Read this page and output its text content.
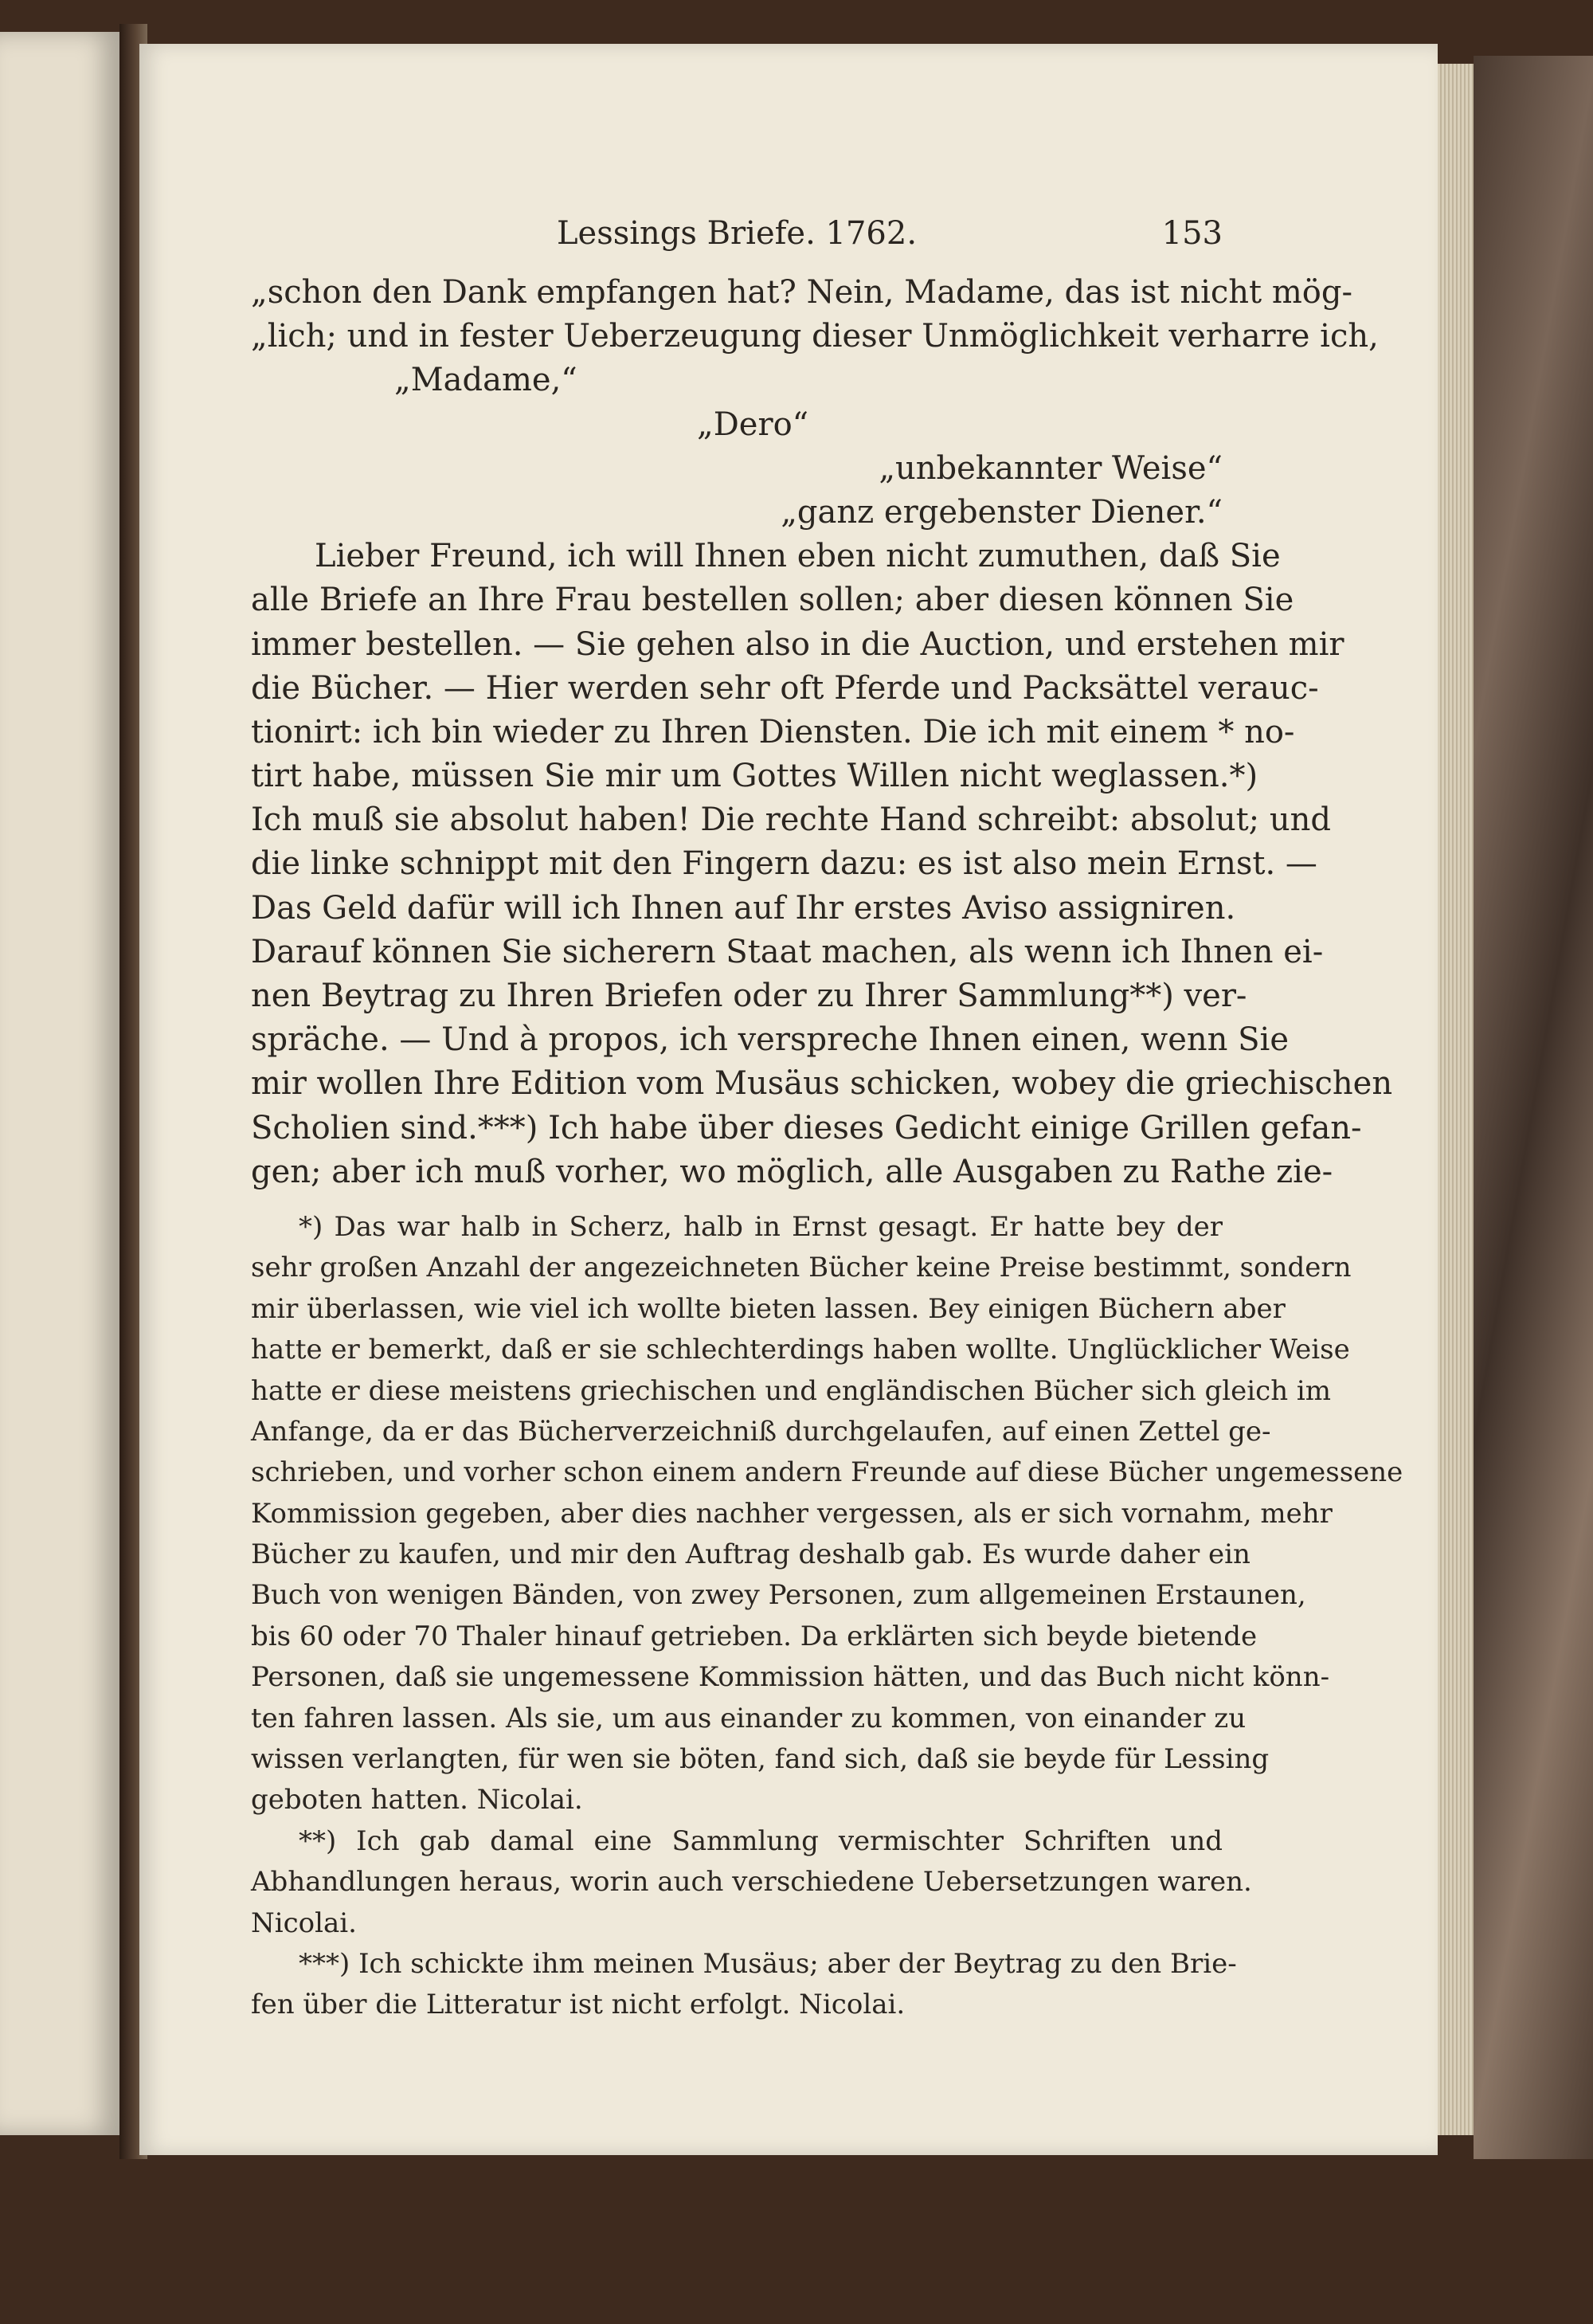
Lessings Briefe. 1762.	153
„schon den Dank empfangen hat? Nein, Madame, das ist nicht mög-
„lich; und in fester Ueberzeugung dieser Unmöglichkeit verharre ich,
„Madame,“
„Dero“
„unbekannter Weise“
„ganz ergebenster Diener.“
Lieber Freund, ich will Ihnen eben nicht zumuthen, daß Sie
alle Briefe an Ihre Frau bestellen sollen; aber diesen können Sie
immer bestellen. — Sie gehen also in die Auction, und erstehen mir
die Bücher. — Hier werden sehr oft Pferde und Packsättel verauc-
tionirt: ich bin wieder zu Ihren Diensten. Die ich mit einem * no-
tirt habe, müssen Sie mir um Gottes Willen nicht weglassen.*)
Ich muß sie absolut haben! Die rechte Hand schreibt: absolut; und
die linke schnippt mit den Fingern dazu: es ist also mein Ernst. —
Das Geld dafür will ich Ihnen auf Ihr erstes Aviso assigniren.
Darauf können Sie sicherern Staat machen, als wenn ich Ihnen ei-
nen Beytrag zu Ihren Briefen oder zu Ihrer Sammlung**) ver-
spräche. — Und à propos, ich verspreche Ihnen einen, wenn Sie
mir wollen Ihre Edition vom Musäus schicken, wobey die griechischen
Scholien sind.***) Ich habe über dieses Gedicht einige Grillen gefan-
gen; aber ich muß vorher, wo möglich, alle Ausgaben zu Rathe zie-
*) Das war halb in Scherz, halb in Ernst gesagt. Er hatte bey der
sehr großen Anzahl der angezeichneten Bücher keine Preise bestimmt, sondern
mir überlassen, wie viel ich wollte bieten lassen. Bey einigen Büchern aber
hatte er bemerkt, daß er sie schlechterdings haben wollte. Unglücklicher Weise
hatte er diese meistens griechischen und engländischen Bücher sich gleich im
Anfange, da er das Bücherverzeichniß durchgelaufen, auf einen Zettel ge-
schrieben, und vorher schon einem andern Freunde auf diese Bücher ungemessene
Kommission gegeben, aber dies nachher vergessen, als er sich vornahm, mehr
Bücher zu kaufen, und mir den Auftrag deshalb gab. Es wurde daher ein
Buch von wenigen Bänden, von zwey Personen, zum allgemeinen Erstaunen,
bis 60 oder 70 Thaler hinauf getrieben. Da erklärten sich beyde bietende
Personen, daß sie ungemessene Kommission hätten, und das Buch nicht könn-
ten fahren lassen. Als sie, um aus einander zu kommen, von einander zu
wissen verlangten, für wen sie böten, fand sich, daß sie beyde für Lessing
geboten hatten. Nicolai.
**) Ich gab damal eine Sammlung vermischter Schriften und
Abhandlungen heraus, worin auch verschiedene Uebersetzungen waren.
Nicolai.
***) Ich schickte ihm meinen Musäus; aber der Beytrag zu den Brie-
fen über die Litteratur ist nicht erfolgt. Nicolai.
